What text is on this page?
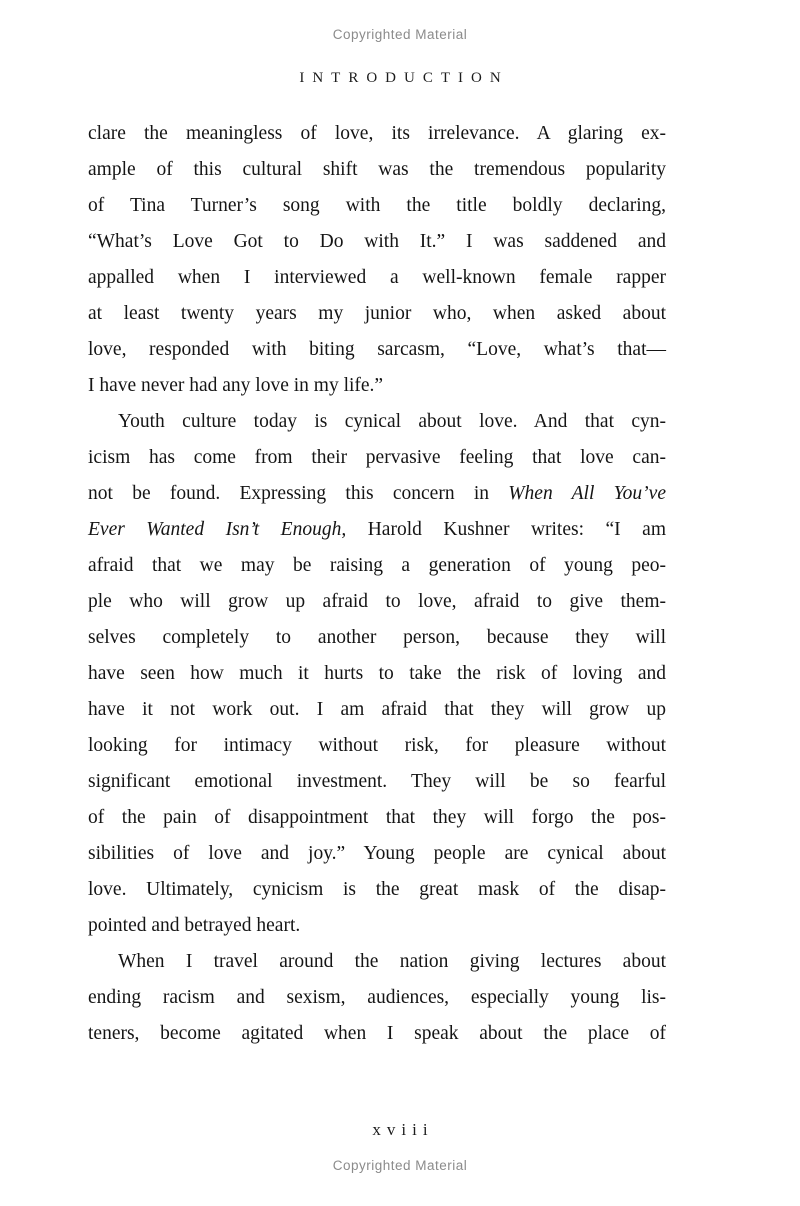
Copyrighted Material
INTRODUCTION
clare the meaningless of love, its irrelevance. A glaring ex-
ample of this cultural shift was the tremendous popularity
of Tina Turner’s song with the title boldly declaring,
“What’s Love Got to Do with It.” I was saddened and
appalled when I interviewed a well-known female rapper
at least twenty years my junior who, when asked about
love, responded with biting sarcasm, “Love, what’s that—
I have never had any love in my life.”
Youth culture today is cynical about love. And that cyn-
icism has come from their pervasive feeling that love can-
not be found. Expressing this concern in When All You’ve
Ever Wanted Isn’t Enough, Harold Kushner writes: “I am
afraid that we may be raising a generation of young peo-
ple who will grow up afraid to love, afraid to give them-
selves completely to another person, because they will
have seen how much it hurts to take the risk of loving and
have it not work out. I am afraid that they will grow up
looking for intimacy without risk, for pleasure without
significant emotional investment. They will be so fearful
of the pain of disappointment that they will forgo the pos-
sibilities of love and joy.” Young people are cynical about
love. Ultimately, cynicism is the great mask of the disap-
pointed and betrayed heart.
When I travel around the nation giving lectures about
ending racism and sexism, audiences, especially young lis-
teners, become agitated when I speak about the place of
xviii
Copyrighted Material
